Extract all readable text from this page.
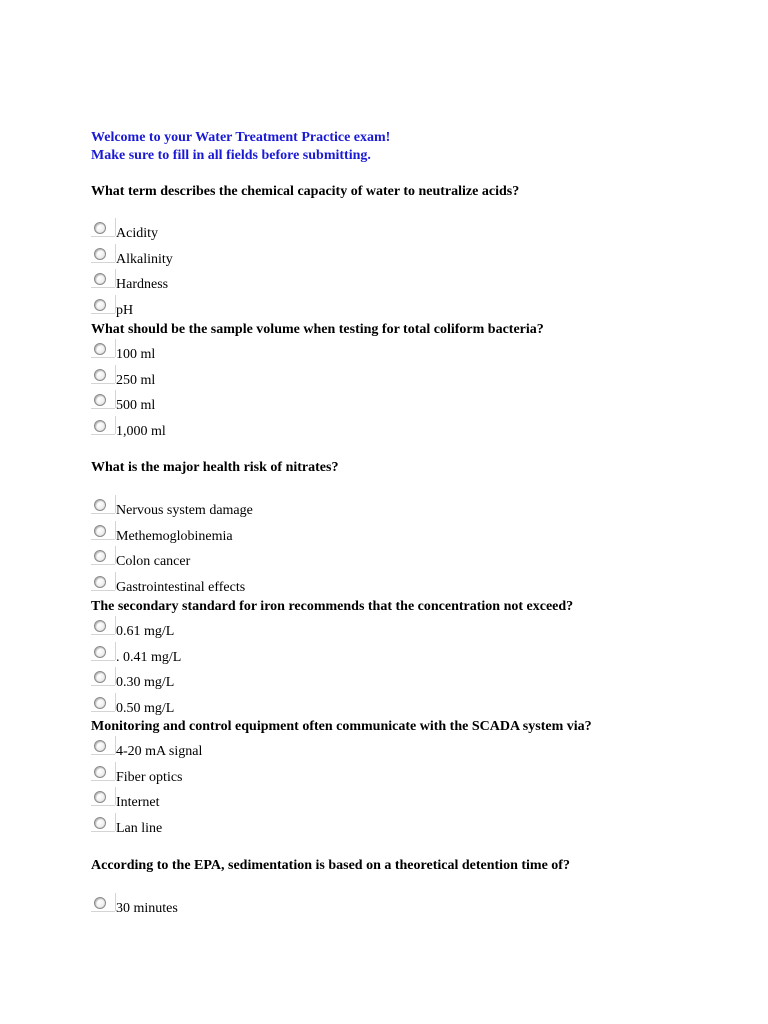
Welcome to your Water Treatment Practice exam!
Make sure to fill in all fields before submitting.
What term describes the chemical capacity of water to neutralize acids?
Acidity
Alkalinity
Hardness
pH
What should be the sample volume when testing for total coliform bacteria?
100 ml
250 ml
500 ml
1,000 ml
What is the major health risk of nitrates?
Nervous system damage
Methemoglobinemia
Colon cancer
Gastrointestinal effects
The secondary standard for iron recommends that the concentration not exceed?
0.61 mg/L
. 0.41 mg/L
0.30 mg/L
0.50 mg/L
Monitoring and control equipment often communicate with the SCADA system via?
4-20 mA signal
Fiber optics
Internet
Lan line
According to the EPA, sedimentation is based on a theoretical detention time of?
30 minutes
